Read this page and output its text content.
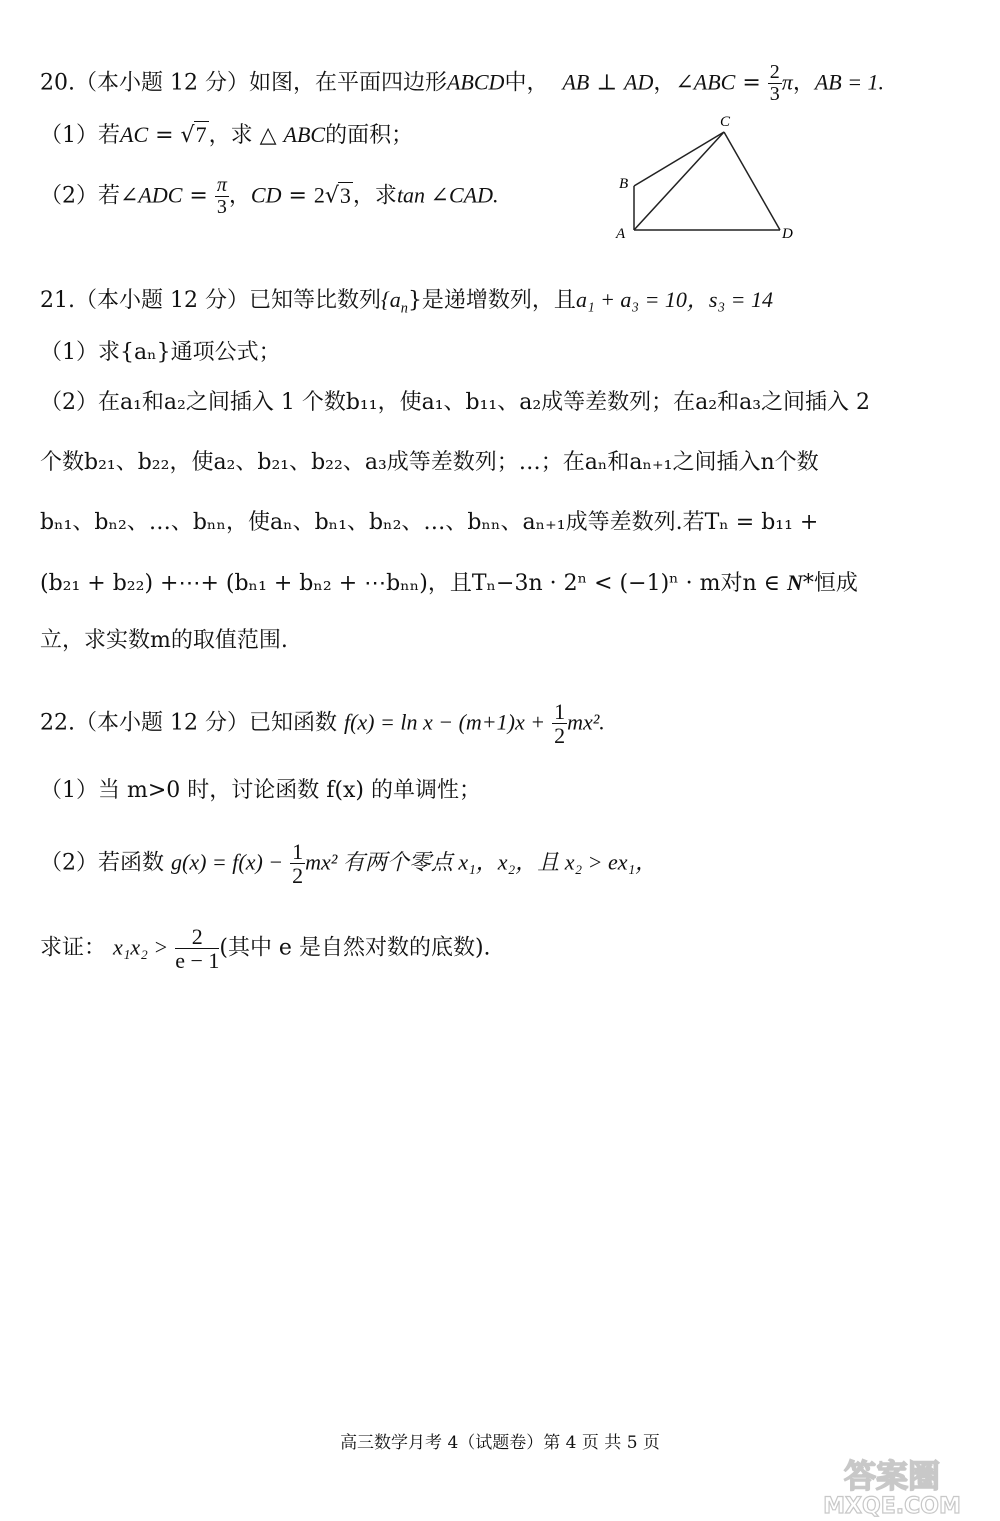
20.（本小题 12 分）如图，在平面四边形ABCD中， AB ⊥ AD，∠ABC = $\frac{2}{3}$ π，AB = 1.
（1）若AC = √7，求 △ ABC的面积；
（2）若∠ADC = $\frac{\pi}{3}$ ，CD = 2√3，求tan ∠CAD.
A
B
C
D
21.（本小题 12 分）已知等比数列$\{a_n\}$是递增数列，且a₁ + a₃ = 10，s₃ = 14
（1）求{aₙ}通项公式；
（2）在a₁和a₂之间插入 1 个数b₁₁，使a₁、b₁₁、a₂成等差数列；在a₂和a₃之间插入 2
个数b₂₁、b₂₂，使a₂、b₂₁、b₂₂、a₃成等差数列；…；在aₙ和aₙ₊₁之间插入n个数
bₙ₁、bₙ₂、…、bₙₙ，使aₙ、bₙ₁、bₙ₂、…、bₙₙ、aₙ₊₁成等差数列.若Tₙ = b₁₁ +
(b₂₁ + b₂₂) +⋯+ (bₙ₁ + bₙ₂ + ⋯bₙₙ)，且Tₙ−3n · 2ⁿ < (−1)ⁿ · m对n ∈ N*恒成
立，求实数m的取值范围.
22.（本小题 12 分）已知函数 $f(x) = \ln x - (m+1)x + \frac{1}{2} mx^2$.
（1）当 m>0 时，讨论函数 f(x) 的单调性；
（2）若函数 $g(x) = f(x) - \frac{1}{2} mx^2$ 有两个零点 x₁，x₂，且 x₂ > ex₁，
求证： $x_1x_2 > \frac{2}{e - 1}$ (其中 e 是自然对数的底数).
高三数学月考 4（试题卷）第 4 页 共 5 页
答案圈
MXQE.COM
